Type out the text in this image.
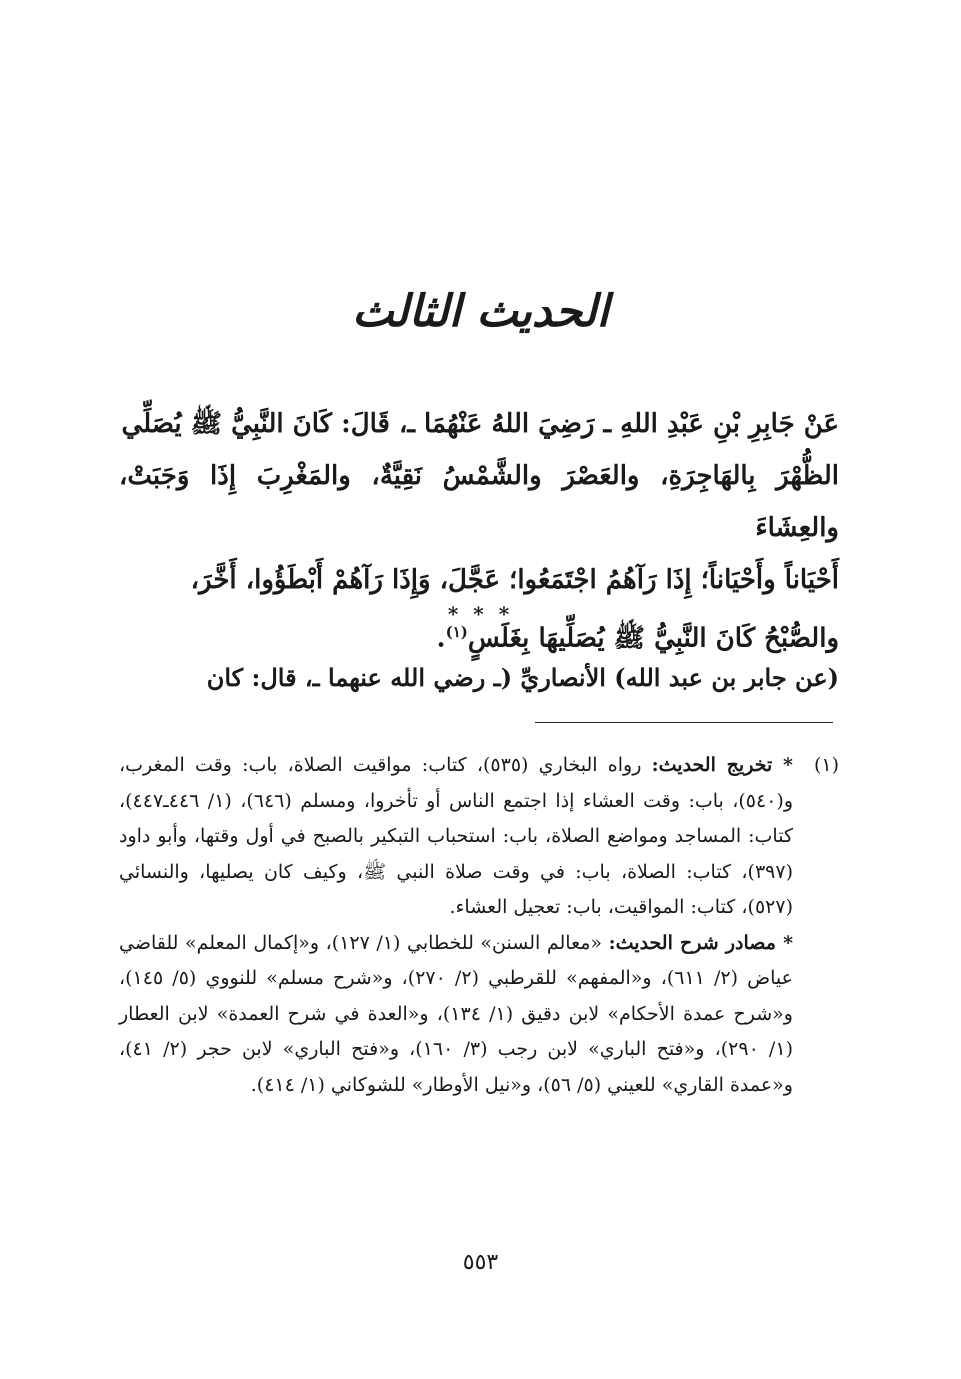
الحديث الثالث

عَنْ جَابِرِ بْنِ عَبْدِ اللهِ ـ رَضِيَ اللهُ عَنْهُمَا ـ، قَالَ: كَانَ النَّبِيُّ ﷺ يُصَلِّي

الظُّهْرَ بِالهَاجِرَةِ، والعَصْرَ والشَّمْسُ نَقِيَّةٌ، والمَغْرِبَ إِذَا وَجَبَتْ، والعِشَاءَ

أَحْيَاناً وأَحْيَاناً؛ إِذَا رَآهُمُ اجْتَمَعُوا؛ عَجَّلَ، وَإِذَا رَآهُمْ أَبْطَؤُوا، أَخَّرَ،

والصُّبْحُ كَانَ النَّبِيُّ ﷺ يُصَلِّيهَا بِغَلَسٍ$^{(١)}$.

* * *
(عن جابر بن عبد الله) الأنصاريِّ (ـ رضي الله عنهما ـ، قال: كان
(١)

* تخريج الحديث: رواه البخاري (٥٣٥)، كتاب: مواقيت الصلاة، باب: وقت المغرب، و(٥٤٠)، باب: وقت العشاء إذا اجتمع الناس أو تأخروا، ومسلم (٦٤٦)، (١/ ٤٤٦ـ٤٤٧)، كتاب: المساجد ومواضع الصلاة، باب: استحباب التبكير بالصبح في أول وقتها، وأبو داود (٣٩٧)، كتاب: الصلاة، باب: في وقت صلاة النبي ﷺ، وكيف كان يصليها، والنسائي (٥٢٧)، كتاب: المواقيت، باب: تعجيل العشاء.

* مصادر شرح الحديث: «معالم السنن» للخطابي (١/ ١٢٧)، و«إكمال المعلم» للقاضي عياض (٢/ ٦١١)، و«المفهم» للقرطبي (٢/ ٢٧٠)، و«شرح مسلم» للنووي (٥/ ١٤٥)، و«شرح عمدة الأحكام» لابن دقيق (١/ ١٣٤)، و«العدة في شرح العمدة» لابن العطار (١/ ٢٩٠)، و«فتح الباري» لابن رجب (٣/ ١٦٠)، و«فتح الباري» لابن حجر (٢/ ٤١)، و«عمدة القاري» للعيني (٥/ ٥٦)، و«نيل الأوطار» للشوكاني (١/ ٤١٤).

٥٥٣
